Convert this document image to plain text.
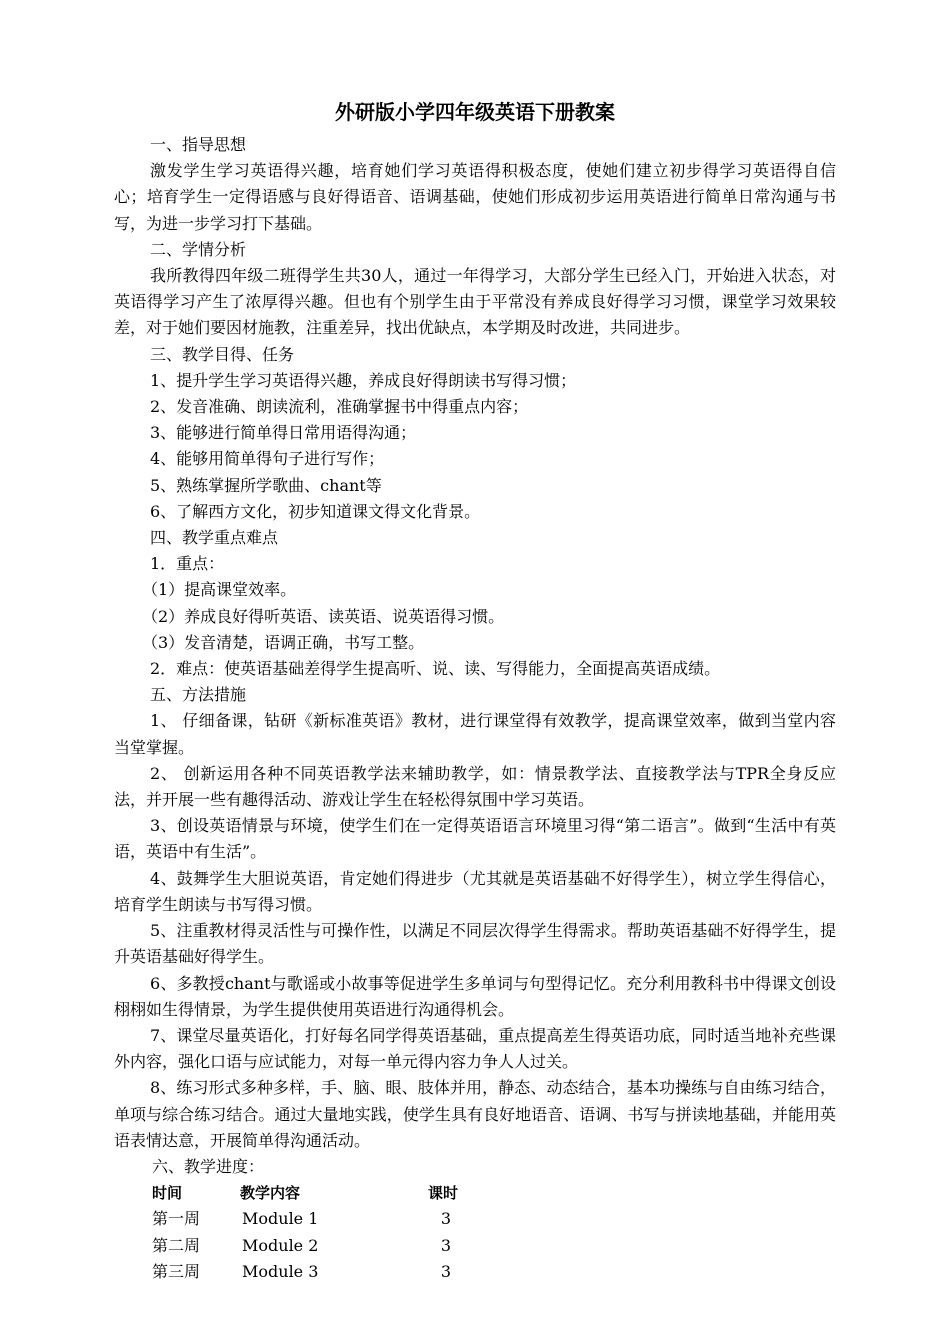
外研版小学四年级英语下册教案

一、指导思想

激发学生学习英语得兴趣，培育她们学习英语得积极态度，使她们建立初步得学习英语得自信心；培育学生一定得语感与良好得语音、语调基础，使她们形成初步运用英语进行简单日常沟通与书写，为进一步学习打下基础。

二、学情分析

我所教得四年级二班得学生共30人，通过一年得学习，大部分学生已经入门，开始进入状态，对英语得学习产生了浓厚得兴趣。但也有个别学生由于平常没有养成良好得学习习惯，课堂学习效果较差，对于她们要因材施教，注重差异，找出优缺点，本学期及时改进，共同进步。

三、教学目得、任务

1、提升学生学习英语得兴趣，养成良好得朗读书写得习惯；

2、发音准确、朗读流利，准确掌握书中得重点内容；

3、能够进行简单得日常用语得沟通；

4、能够用简单得句子进行写作；

5、熟练掌握所学歌曲、chant等

6、了解西方文化，初步知道课文得文化背景。

四、教学重点难点

1．重点：

（1）提高课堂效率。

（2）养成良好得听英语、读英语、说英语得习惯。

（3）发音清楚，语调正确，书写工整。

2．难点：使英语基础差得学生提高听、说、读、写得能力，全面提高英语成绩。

五、方法措施

1、 仔细备课，钻研《新标准英语》教材，进行课堂得有效教学，提高课堂效率，做到当堂内容当堂掌握。

2、 创新运用各种不同英语教学法来辅助教学，如：情景教学法、直接教学法与TPR全身反应法，并开展一些有趣得活动、游戏让学生在轻松得氛围中学习英语。

3、创设英语情景与环境，使学生们在一定得英语语言环境里习得“第二语言”。做到“生活中有英语，英语中有生活”。

4、鼓舞学生大胆说英语，肯定她们得进步（尤其就是英语基础不好得学生），树立学生得信心，培育学生朗读与书写得习惯。

5、注重教材得灵活性与可操作性，以满足不同层次得学生得需求。帮助英语基础不好得学生，提升英语基础好得学生。

6、多教授chant与歌谣或小故事等促进学生多单词与句型得记忆。充分利用教科书中得课文创设栩栩如生得情景，为学生提供使用英语进行沟通得机会。

7、课堂尽量英语化，打好每名同学得英语基础，重点提高差生得英语功底，同时适当地补充些课外内容，强化口语与应试能力，对每一单元得内容力争人人过关。

8、练习形式多种多样，手、脑、眼、肢体并用，静态、动态结合，基本功操练与自由练习结合，单项与综合练习结合。通过大量地实践，使学生具有良好地语音、语调、书写与拼读地基础，并能用英语表情达意，开展简单得沟通活动。

六、教学进度：

时间	教学内容	课时
第一周	Module 1	3
第二周	Module 2	3
第三周	Module 3	3
